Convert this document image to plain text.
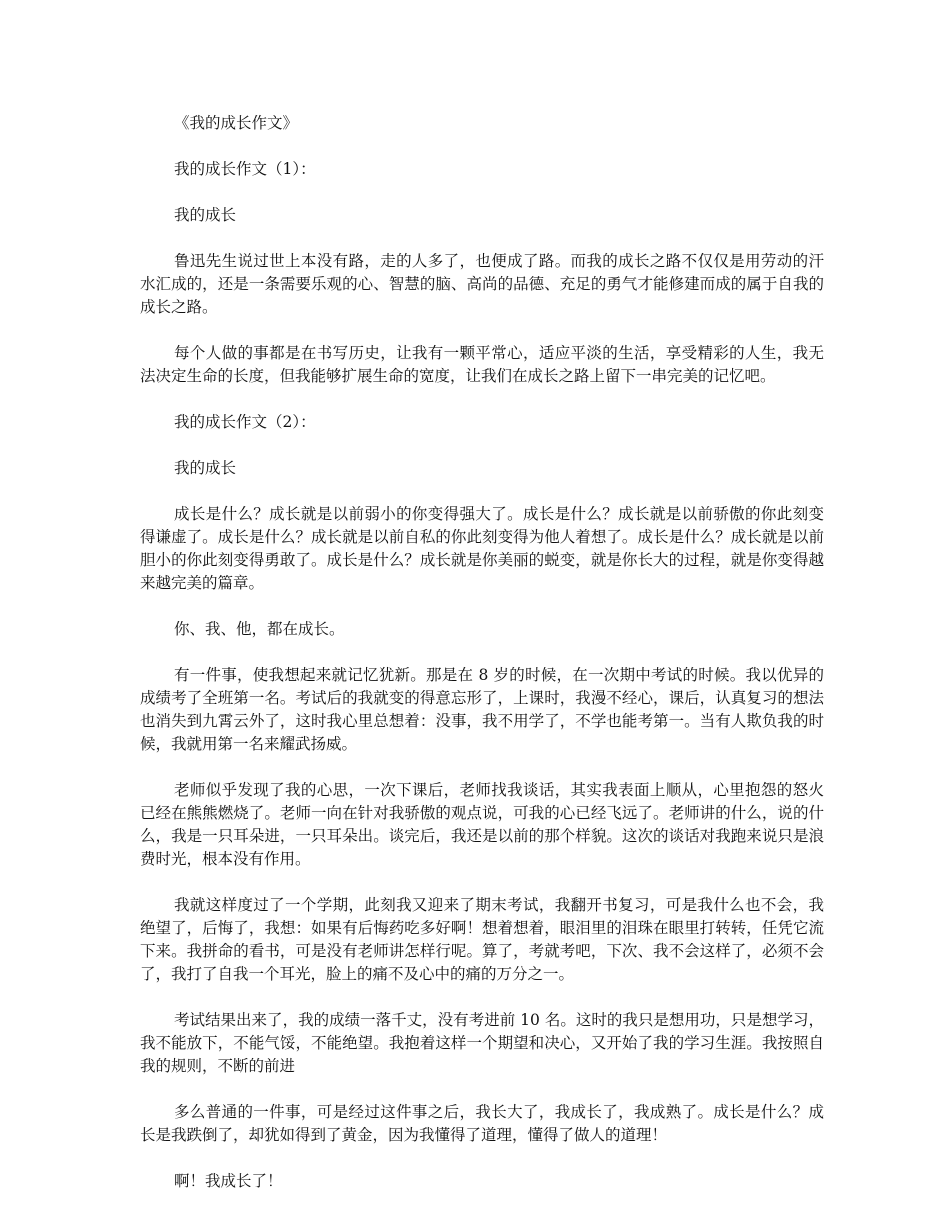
《我的成长作文》

我的成长作文（1）：

我的成长

鲁迅先生说过世上本没有路，走的人多了，也便成了路。而我的成长之路不仅仅是用劳动的汗水汇成的，还是一条需要乐观的心、智慧的脑、高尚的品德、充足的勇气才能修建而成的属于自我的成长之路。

每个人做的事都是在书写历史，让我有一颗平常心，适应平淡的生活，享受精彩的人生，我无法决定生命的长度，但我能够扩展生命的宽度，让我们在成长之路上留下一串完美的记忆吧。

我的成长作文（2）：

我的成长

成长是什么？成长就是以前弱小的你变得强大了。成长是什么？成长就是以前骄傲的你此刻变得谦虚了。成长是什么？成长就是以前自私的你此刻变得为他人着想了。成长是什么？成长就是以前胆小的你此刻变得勇敢了。成长是什么？成长就是你美丽的蜕变，就是你长大的过程，就是你变得越来越完美的篇章。

你、我、他，都在成长。

有一件事，使我想起来就记忆犹新。那是在 8 岁的时候，在一次期中考试的时候。我以优异的成绩考了全班第一名。考试后的我就变的得意忘形了，上课时，我漫不经心，课后，认真复习的想法也消失到九霄云外了，这时我心里总想着：没事，我不用学了，不学也能考第一。当有人欺负我的时候，我就用第一名来耀武扬威。

老师似乎发现了我的心思，一次下课后，老师找我谈话，其实我表面上顺从，心里抱怨的怒火已经在熊熊燃烧了。老师一向在针对我骄傲的观点说，可我的心已经飞远了。老师讲的什么，说的什么，我是一只耳朵进，一只耳朵出。谈完后，我还是以前的那个样貌。这次的谈话对我跑来说只是浪费时光，根本没有作用。

我就这样度过了一个学期，此刻我又迎来了期末考试，我翻开书复习，可是我什么也不会，我绝望了，后悔了，我想：如果有后悔药吃多好啊！想着想着，眼泪里的泪珠在眼里打转转，任凭它流下来。我拼命的看书，可是没有老师讲怎样行呢。算了，考就考吧，下次、我不会这样了，必须不会了，我打了自我一个耳光，脸上的痛不及心中的痛的万分之一。

考试结果出来了，我的成绩一落千丈，没有考进前 10 名。这时的我只是想用功，只是想学习，我不能放下，不能气馁，不能绝望。我抱着这样一个期望和决心，又开始了我的学习生涯。我按照自我的规则，不断的前进

多么普通的一件事，可是经过这件事之后，我长大了，我成长了，我成熟了。成长是什么？成长是我跌倒了，却犹如得到了黄金，因为我懂得了道理，懂得了做人的道理！

啊！我成长了！
